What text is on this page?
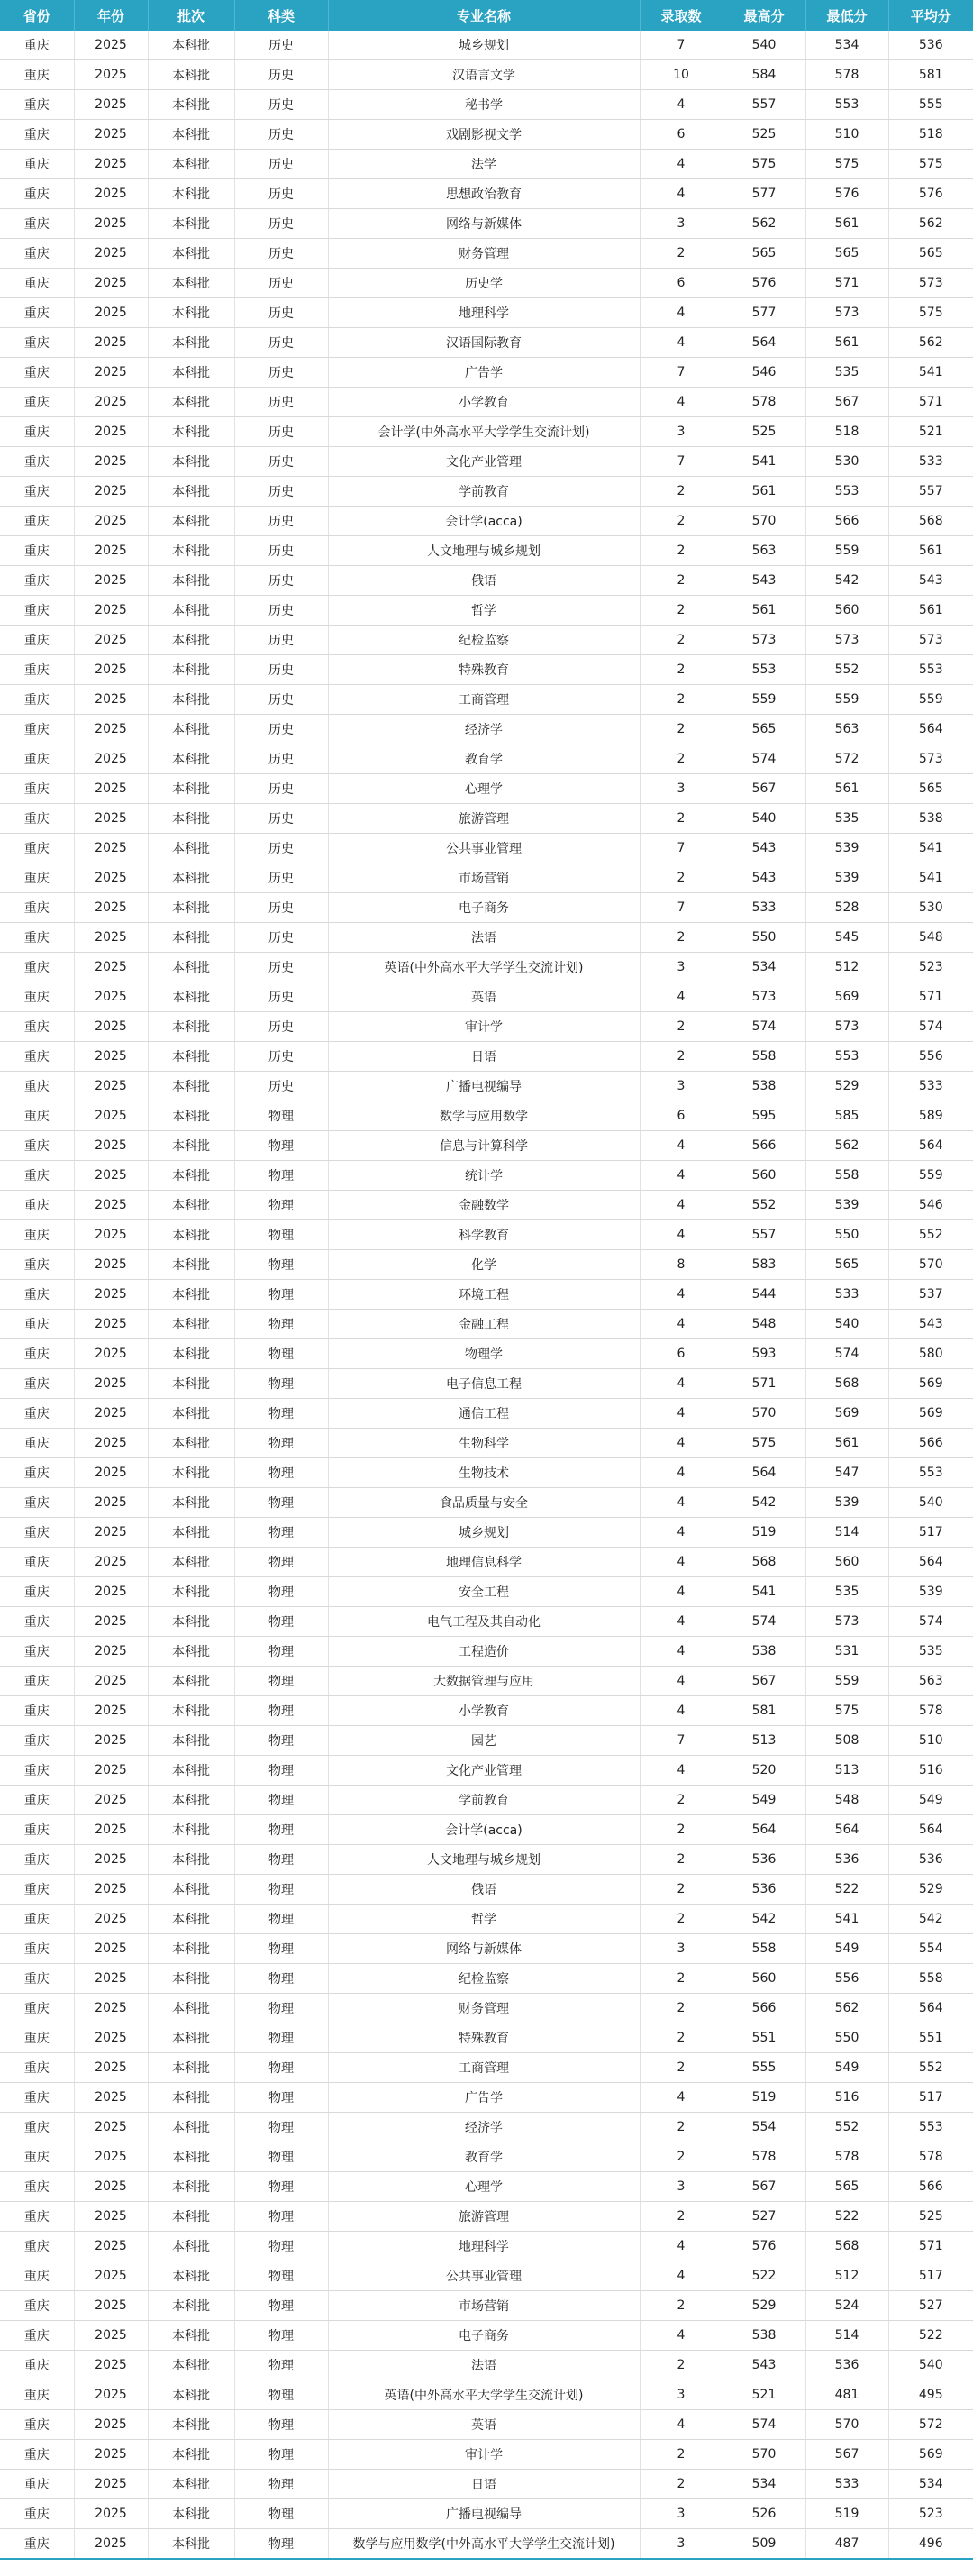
省份	年份	批次	科类	专业名称	录取数	最高分	最低分	平均分
重庆	2025	本科批	历史	城乡规划	7	540	534	536
重庆	2025	本科批	历史	汉语言文学	10	584	578	581
重庆	2025	本科批	历史	秘书学	4	557	553	555
重庆	2025	本科批	历史	戏剧影视文学	6	525	510	518
重庆	2025	本科批	历史	法学	4	575	575	575
重庆	2025	本科批	历史	思想政治教育	4	577	576	576
重庆	2025	本科批	历史	网络与新媒体	3	562	561	562
重庆	2025	本科批	历史	财务管理	2	565	565	565
重庆	2025	本科批	历史	历史学	6	576	571	573
重庆	2025	本科批	历史	地理科学	4	577	573	575
重庆	2025	本科批	历史	汉语国际教育	4	564	561	562
重庆	2025	本科批	历史	广告学	7	546	535	541
重庆	2025	本科批	历史	小学教育	4	578	567	571
重庆	2025	本科批	历史	会计学(中外高水平大学学生交流计划)	3	525	518	521
重庆	2025	本科批	历史	文化产业管理	7	541	530	533
重庆	2025	本科批	历史	学前教育	2	561	553	557
重庆	2025	本科批	历史	会计学(acca)	2	570	566	568
重庆	2025	本科批	历史	人文地理与城乡规划	2	563	559	561
重庆	2025	本科批	历史	俄语	2	543	542	543
重庆	2025	本科批	历史	哲学	2	561	560	561
重庆	2025	本科批	历史	纪检监察	2	573	573	573
重庆	2025	本科批	历史	特殊教育	2	553	552	553
重庆	2025	本科批	历史	工商管理	2	559	559	559
重庆	2025	本科批	历史	经济学	2	565	563	564
重庆	2025	本科批	历史	教育学	2	574	572	573
重庆	2025	本科批	历史	心理学	3	567	561	565
重庆	2025	本科批	历史	旅游管理	2	540	535	538
重庆	2025	本科批	历史	公共事业管理	7	543	539	541
重庆	2025	本科批	历史	市场营销	2	543	539	541
重庆	2025	本科批	历史	电子商务	7	533	528	530
重庆	2025	本科批	历史	法语	2	550	545	548
重庆	2025	本科批	历史	英语(中外高水平大学学生交流计划)	3	534	512	523
重庆	2025	本科批	历史	英语	4	573	569	571
重庆	2025	本科批	历史	审计学	2	574	573	574
重庆	2025	本科批	历史	日语	2	558	553	556
重庆	2025	本科批	历史	广播电视编导	3	538	529	533
重庆	2025	本科批	物理	数学与应用数学	6	595	585	589
重庆	2025	本科批	物理	信息与计算科学	4	566	562	564
重庆	2025	本科批	物理	统计学	4	560	558	559
重庆	2025	本科批	物理	金融数学	4	552	539	546
重庆	2025	本科批	物理	科学教育	4	557	550	552
重庆	2025	本科批	物理	化学	8	583	565	570
重庆	2025	本科批	物理	环境工程	4	544	533	537
重庆	2025	本科批	物理	金融工程	4	548	540	543
重庆	2025	本科批	物理	物理学	6	593	574	580
重庆	2025	本科批	物理	电子信息工程	4	571	568	569
重庆	2025	本科批	物理	通信工程	4	570	569	569
重庆	2025	本科批	物理	生物科学	4	575	561	566
重庆	2025	本科批	物理	生物技术	4	564	547	553
重庆	2025	本科批	物理	食品质量与安全	4	542	539	540
重庆	2025	本科批	物理	城乡规划	4	519	514	517
重庆	2025	本科批	物理	地理信息科学	4	568	560	564
重庆	2025	本科批	物理	安全工程	4	541	535	539
重庆	2025	本科批	物理	电气工程及其自动化	4	574	573	574
重庆	2025	本科批	物理	工程造价	4	538	531	535
重庆	2025	本科批	物理	大数据管理与应用	4	567	559	563
重庆	2025	本科批	物理	小学教育	4	581	575	578
重庆	2025	本科批	物理	园艺	7	513	508	510
重庆	2025	本科批	物理	文化产业管理	4	520	513	516
重庆	2025	本科批	物理	学前教育	2	549	548	549
重庆	2025	本科批	物理	会计学(acca)	2	564	564	564
重庆	2025	本科批	物理	人文地理与城乡规划	2	536	536	536
重庆	2025	本科批	物理	俄语	2	536	522	529
重庆	2025	本科批	物理	哲学	2	542	541	542
重庆	2025	本科批	物理	网络与新媒体	3	558	549	554
重庆	2025	本科批	物理	纪检监察	2	560	556	558
重庆	2025	本科批	物理	财务管理	2	566	562	564
重庆	2025	本科批	物理	特殊教育	2	551	550	551
重庆	2025	本科批	物理	工商管理	2	555	549	552
重庆	2025	本科批	物理	广告学	4	519	516	517
重庆	2025	本科批	物理	经济学	2	554	552	553
重庆	2025	本科批	物理	教育学	2	578	578	578
重庆	2025	本科批	物理	心理学	3	567	565	566
重庆	2025	本科批	物理	旅游管理	2	527	522	525
重庆	2025	本科批	物理	地理科学	4	576	568	571
重庆	2025	本科批	物理	公共事业管理	4	522	512	517
重庆	2025	本科批	物理	市场营销	2	529	524	527
重庆	2025	本科批	物理	电子商务	4	538	514	522
重庆	2025	本科批	物理	法语	2	543	536	540
重庆	2025	本科批	物理	英语(中外高水平大学学生交流计划)	3	521	481	495
重庆	2025	本科批	物理	英语	4	574	570	572
重庆	2025	本科批	物理	审计学	2	570	567	569
重庆	2025	本科批	物理	日语	2	534	533	534
重庆	2025	本科批	物理	广播电视编导	3	526	519	523
重庆	2025	本科批	物理	数学与应用数学(中外高水平大学学生交流计划)	3	509	487	496
